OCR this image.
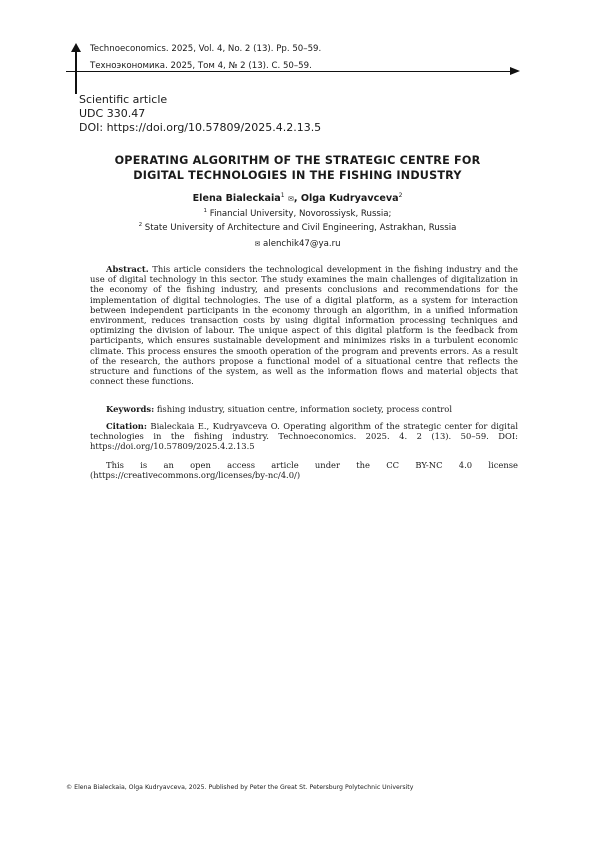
Technoeconomics. 2025, Vol. 4, No. 2 (13). Pp. 50–59.
Техноэкономика. 2025, Том 4, № 2 (13). С. 50–59.
Scientific article
UDC 330.47
DOI: https://doi.org/10.57809/2025.4.2.13.5
OPERATING ALGORITHM OF THE STRATEGIC CENTRE FOR
DIGITAL TECHNOLOGIES IN THE FISHING INDUSTRY
Elena Bialeckaia$^1$ ✉, Olga Kudryavceva$^2$
$^1$ Financial University, Novorossiysk, Russia;
$^2$ State University of Architecture and Civil Engineering, Astrakhan, Russia
✉ alenchik47@ya.ru

Abstract. This article considers the technological development in the fishing industry and the use of digital technology in this sector. The study examines the main challenges of digitalization in the economy of the fishing industry, and presents conclusions and recommendations for the implementation of digital technologies. The use of a digital platform, as a system for interaction between independent participants in the economy through an algorithm, in a unified information environment, reduces transaction costs by using digital information processing techniques and optimizing the division of labour. The unique aspect of this digital platform is the feedback from participants, which ensures sustainable development and minimizes risks in a turbulent economic climate. This process ensures the smooth operation of the program and prevents errors. As a result of the research, the authors propose a functional model of a situational centre that reflects the structure and functions of the system, as well as the information flows and material objects that connect these functions.

Keywords: fishing industry, situation centre, information society, process control

Citation: Bialeckaia E., Kudryavceva O. Operating algorithm of the strategic center for digital technologies in the fishing industry. Technoeconomics. 2025. 4. 2 (13). 50–59. DOI: https://doi.org/10.57809/2025.4.2.13.5

This is an open access article under the CC BY-NC 4.0 license (https://creativecommons.org/licenses/by-nc/4.0/)

© Elena Bialeckaia, Olga Kudryavceva, 2025. Published by Peter the Great St. Petersburg Polytechnic University
